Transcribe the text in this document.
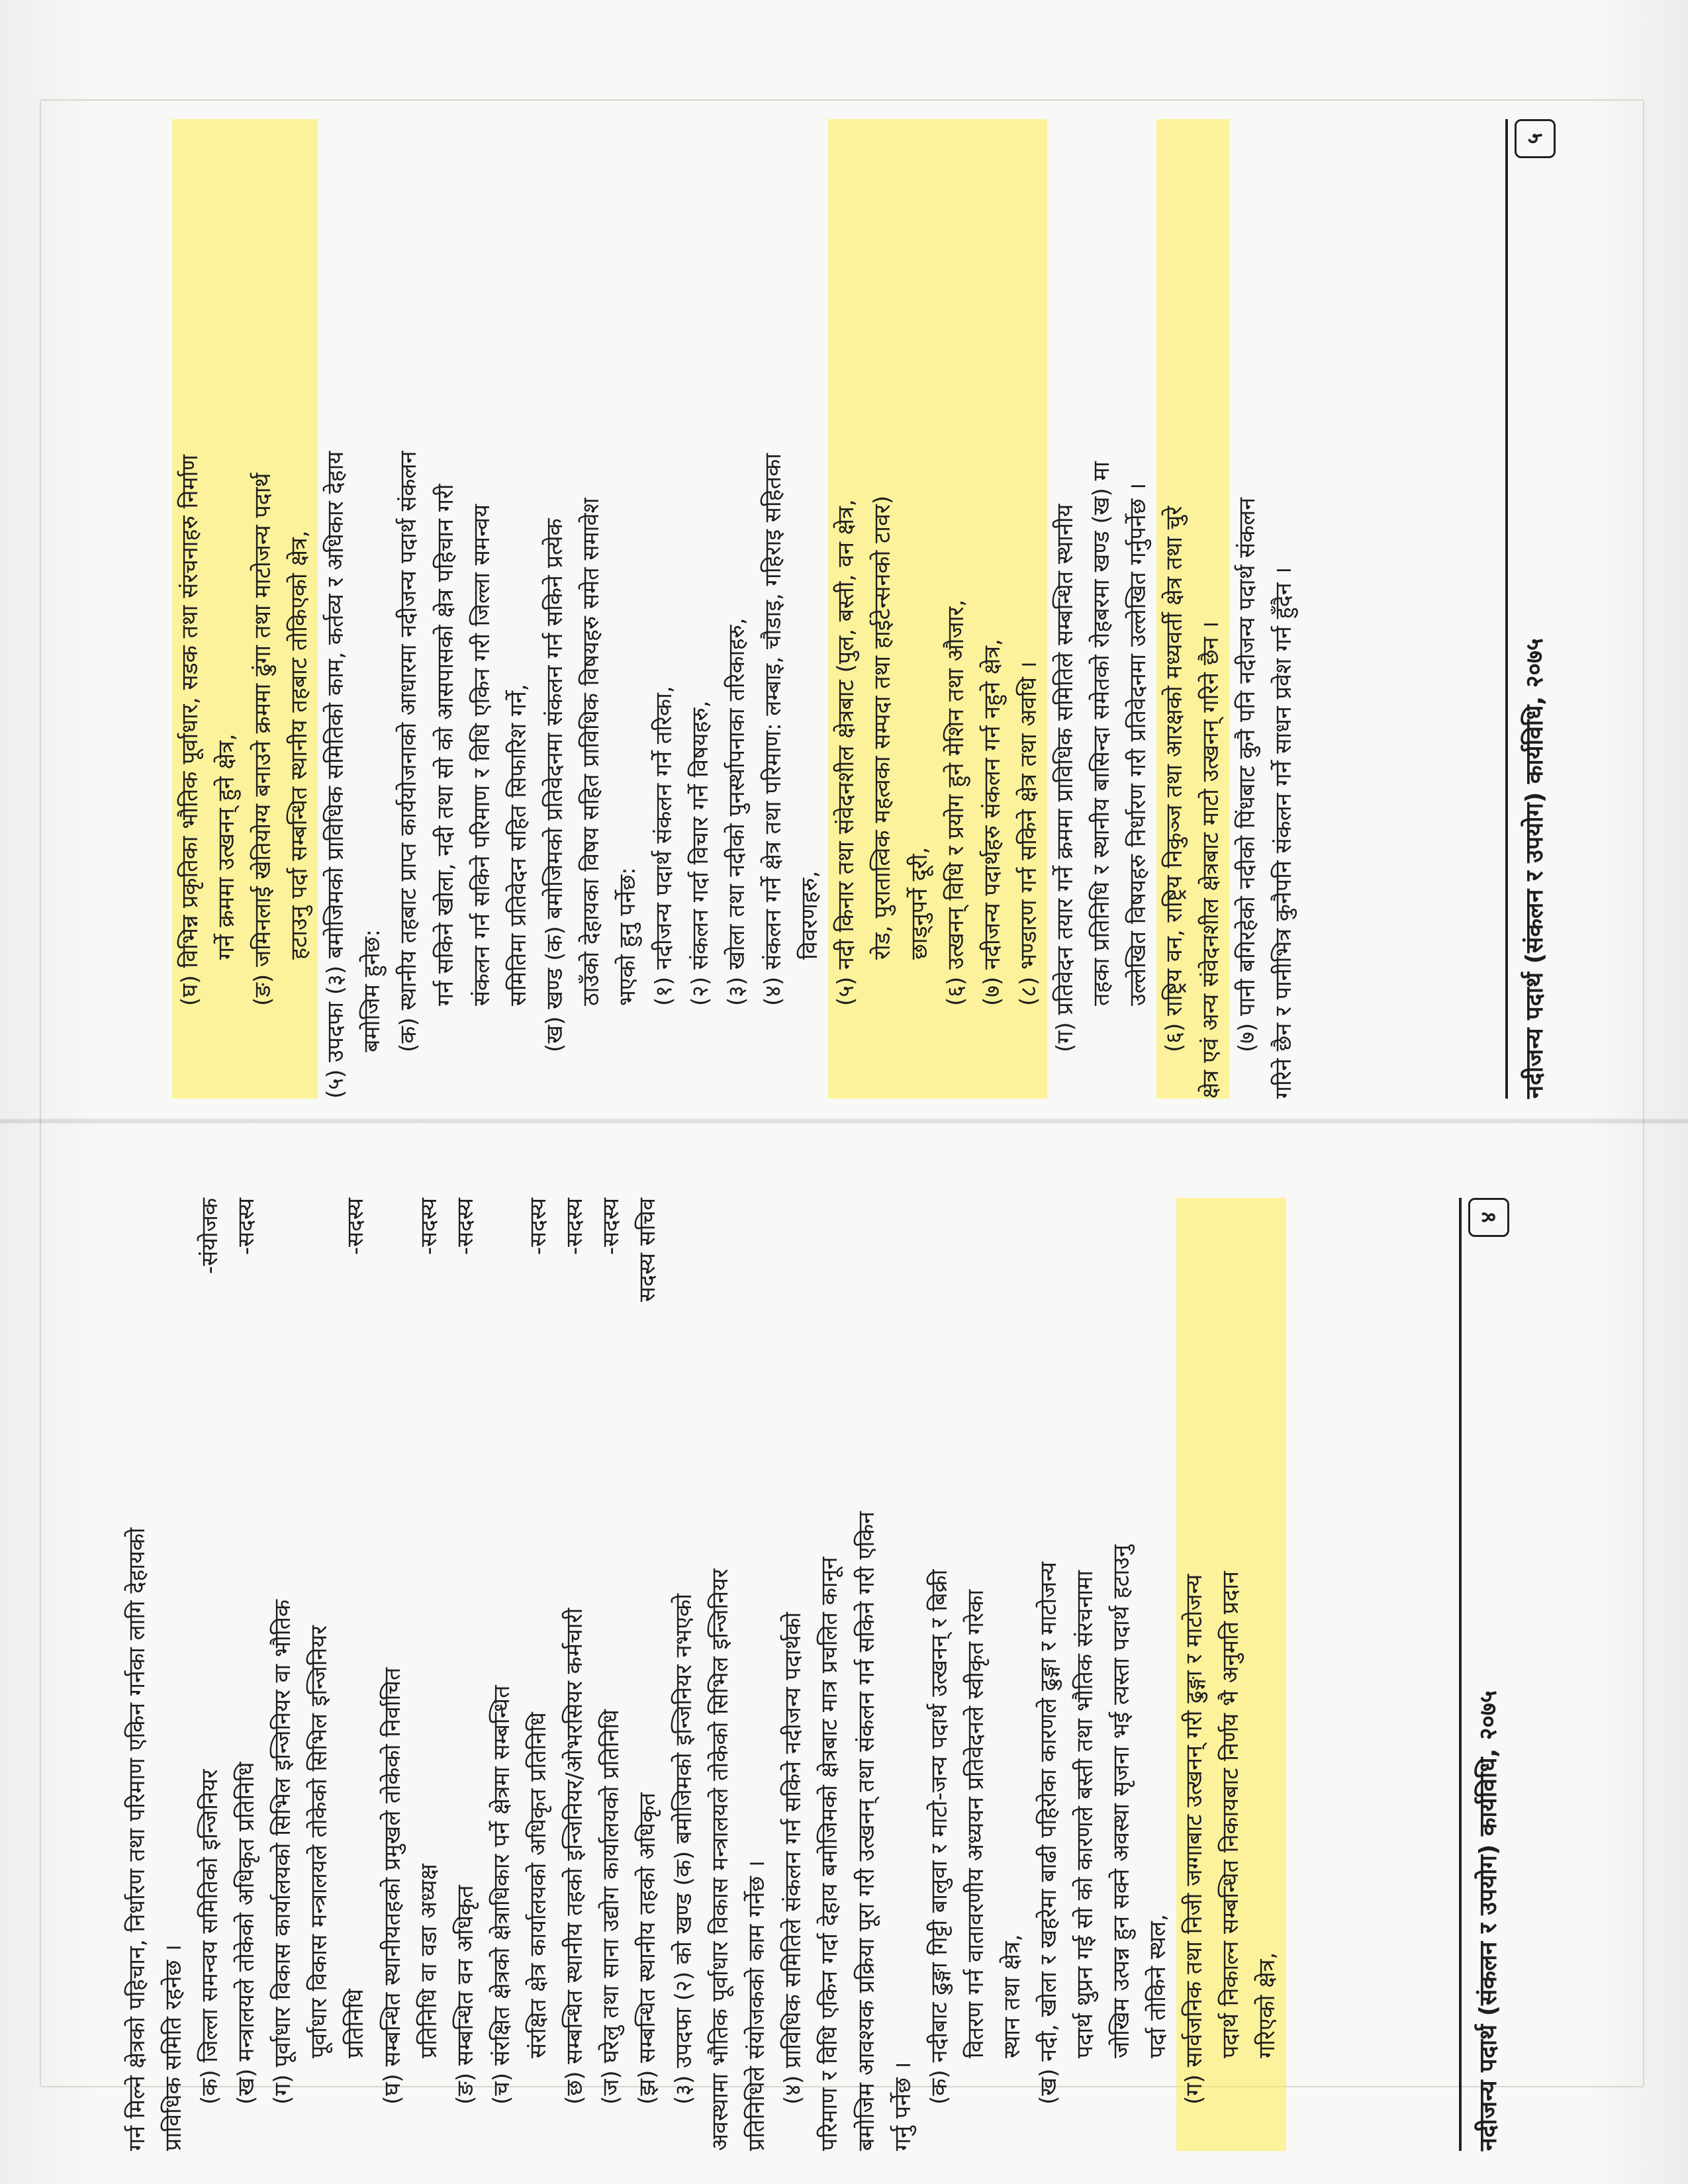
(घ) विभिन्न प्रकृतिका भौतिक पूर्वाधार, सडक तथा संरचनाहरु निर्माण गर्ने क्रममा उत्खनन् हुने क्षेत्र, (ङ) जमिनलाई खेतियोग्य बनाउने क्रममा ढुंगा तथा माटोजन्य पदार्थ हटाउनु पर्दा सम्बन्धित स्थानीय तहबाट तोकिएको क्षेत्र, (५) उपदफा (३) बमोजिमको प्राविधिक समितिको काम, कर्तव्य र अधिकार देहाय बमोजिम हुनेछ: (क) स्थानीय तहबाट प्राप्त कार्ययोजनाको आधारमा नदीजन्य पदार्थ संकलन गर्न सकिने खोला, नदी तथा सो को आसपासको क्षेत्र पहिचान गरी संकलन गर्न सकिने परिमाण र विधि एकिन गरी जिल्ला समन्वय समितिमा प्रतिवेदन सहित सिफारिश गर्ने, (ख) खण्ड (क) बमोजिमको प्रतिवेदनमा संकलन गर्न सकिने प्रत्येक ठाउँको देहायका विषय सहित प्राविधिक विषयहरु समेत समावेश भएको हुनु पर्नेछ: (१) नदीजन्य पदार्थ संकलन गर्ने तरिका, (२) संकलन गर्दा विचार गर्ने विषयहरु, (३) खोला तथा नदीको पुनर्स्थापनाका तरिकाहरु, (४) संकलन गर्ने क्षेत्र तथा परिमाण: लम्बाइ, चौडाइ, गहिराइ सहितका विवरणहरु, (५) नदी किनार तथा संवेदनशील क्षेत्रबाट (पुल, बस्ती, वन क्षेत्र, रोड, पुरातात्विक महत्वका सम्पदा तथा हाईटेन्सनको टावर) छाड्नुपर्ने दूरी, (६) उत्खनन् विधि र प्रयोग हुने मेशिन तथा औजार, (७) नदीजन्य पदार्थहरु संकलन गर्न नहुने क्षेत्र, (८) भण्डारण गर्न सकिने क्षेत्र तथा अवधि । (ग) प्रतिवेदन तयार गर्ने क्रममा प्राविधिक समितिले सम्बन्धित स्थानीय तहका प्रतिनिधि र स्थानीय बासिन्दा समेतको रोहबरमा खण्ड (ख) मा उल्लेखित विषयहरु निर्धारण गरी प्रतिवेदनमा उल्लेखित गर्नुपर्नेछ । (६) राष्ट्रिय वन, राष्ट्रिय निकुञ्ज तथा आरक्षको मध्यवर्ती क्षेत्र तथा चुरे क्षेत्र एवं अन्य संवेदनशील क्षेत्रबाट माटो उत्खनन् गरिने छैन । (७) पानी बगिरहेको नदीको पिंधबाट कुनै पनि नदीजन्य पदार्थ संकलन गरिने छैन र पानीभित्र कुनैपनि संकलन गर्ने साधन प्रवेश गर्न हुँदैन ।	नदीजन्य पदार्थ (संकलन र उपयोग) कार्यविधि, २०७५
५

गर्न मिल्ने क्षेत्रको पहिचान, निर्धारण तथा परिमाण एकिन गर्नका लागि देहायको प्राविधिक समिति रहनेछ । (क) जिल्ला समन्वय समितिको इन्जिनियर
-संयोजक
(ख) मन्त्रालयले तोकेको अधिकृत प्रतिनिधि
-सदस्य

(ग) पूर्वाधार विकास कार्यालयको सिभिल इन्जिनियर वा भौतिक पूर्वाधार विकास मन्त्रालयले तोकेको सिभिल इन्जिनियर प्रतिनिधि
-सदस्य

(घ) सम्बन्धित स्थानीयतहको प्रमुखले तोकेको निर्वाचित प्रतिनिधि वा वडा अध्यक्ष
-सदस्य
(ङ) सम्बन्धित वन अधिकृत
-सदस्य

(च) संरक्षित क्षेत्रको क्षेत्राधिकार पर्ने क्षेत्रमा सम्बन्धित संरक्षित क्षेत्र कार्यालयको अधिकृत प्रतिनिधि
-सदस्य
(छ) सम्बन्धित स्थानीय तहको इन्जिनियर/ओभरसियर कर्मचारी
-सदस्य
(ज) घरेलु तथा साना उद्योग कार्यालयको प्रतिनिधि
-सदस्य
(झ) सम्बन्धित स्थानीय तहको अधिकृत
सदस्य सचिव

(३) उपदफा (२) को खण्ड (क) बमोजिमको इन्जिनियर नभएको अवस्थामा भौतिक पूर्वाधार विकास मन्त्रालयले तोकेको सिभिल इन्जिनियर प्रतिनिधिले संयोजकको काम गर्नेछ । (४) प्राविधिक समितिले संकलन गर्न सकिने नदीजन्य पदार्थको परिमाण र विधि एकिन गर्दा देहाय बमोजिमको क्षेत्रबाट मात्र प्रचलित कानून बमोजिम आवश्यक प्रक्रिया पूरा गरी उत्खनन् तथा संकलन गर्न सकिने गरी एकिन गर्नु पर्नेछ ।

(क) नदीबाट ढुङ्गा गिट्टी बालुवा र माटो-जन्य पदार्थ उत्खनन् र बिक्री वितरण गर्न वातावरणीय अध्ययन प्रतिवेदनले स्वीकृत गरेका स्थान तथा क्षेत्र, (ख) नदी, खोला र खहरेमा बाढी पहिरोका कारणले ढुङ्गा र माटोजन्य पदार्थ थुप्रन गई सो को कारणले बस्ती तथा भौतिक संरचनामा जोखिम उत्पन्न हुन सक्ने अवस्था सृजना भई त्यस्ता पदार्थ हटाउनु पर्दा तोकिने स्थल, (ग) सार्वजनिक तथा निजी जग्गाबाट उत्खनन् गरी ढुङ्गा र माटोजन्य पदार्थ निकाल्न सम्बन्धित निकायबाट निर्णय भै अनुमति प्रदान गरिएको क्षेत्र,	नदीजन्य पदार्थ (संकलन र उपयोग) कार्यविधि, २०७५
४
